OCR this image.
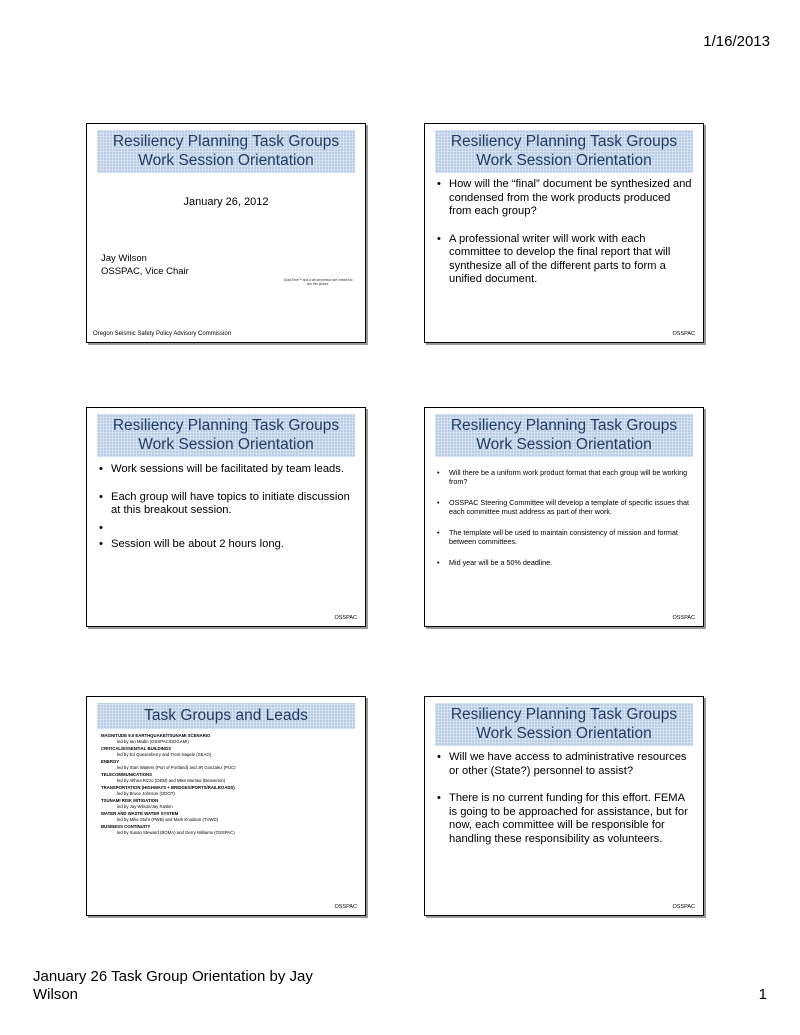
1/16/2013
Resiliency Planning Task Groups
Work Session Orientation
January 26, 2012
Jay Wilson
OSSPAC, Vice Chair
QuickTime™ and a decompressor are needed to see this picture.
Oregon Seismic Safety Policy Advisory Commission
Resiliency Planning Task Groups
Work Session Orientation
• How will the “final” document be synthesized and condensed from the work products produced from each group?
• A professional writer will work with each committee to develop the final report that will synthesize all of the different parts to form a unified document.
OSSPAC
Resiliency Planning Task Groups
Work Session Orientation
• Work sessions will be facilitated by team leads.
• Each group will have topics to initiate discussion at this breakout session.
•
• Session will be about 2 hours long.
OSSPAC
Resiliency Planning Task Groups
Work Session Orientation
• Will there be a uniform work product format that each group will be working from?
• OSSPAC Steering Committee will develop a template of specific issues that each committee must address as part of their work.
• The template will be used to maintain consistency of mission and format between committees.
• Mid year will be a 50% deadline.
OSSPAC
Task Groups and Leads
MAGNITUDE 9.0 EARTHQUAKE/TSUNAMI SCENARIO
led by Ian Madin (OSSPAC/DOGAMI)
CRITICAL/ESSENTIAL BUILDINGS
led by Ed Quesenberry and Trent Nagele (SEAO)
ENERGY
led by Stan Watters (Port of Portland) and JR Gonzalez (PUC)
TELECOMMUNICATIONS
led by Althea Rizzo (OEM) and Mike Murraw (Beaverton)
TRANSPORTATION (HIGHWAYS + BRIDGES/PORTS/RAILROADS)
led by Bruce Johnson (ODOT)
TSUNAMI RISK MITIGATION
led by Jay Wilson/Jay Raskin
WATER AND WASTE WATER SYSTEM
led by Mike Stuhr (PWB) and Mark Knudson (TVWD)
BUSINESS CONTINUITY
led by Susan Steward (BOMA) and Gerry Williams (OSSPAC)
OSSPAC
Resiliency Planning Task Groups
Work Session Orientation
• Will we have access to administrative resources or other (State?) personnel to assist?
• There is no current funding for this effort. FEMA is going to be approached for assistance, but for now, each committee will be responsible for handling these responsibility as volunteers.
OSSPAC
January 26 Task Group Orientation by Jay Wilson	1
